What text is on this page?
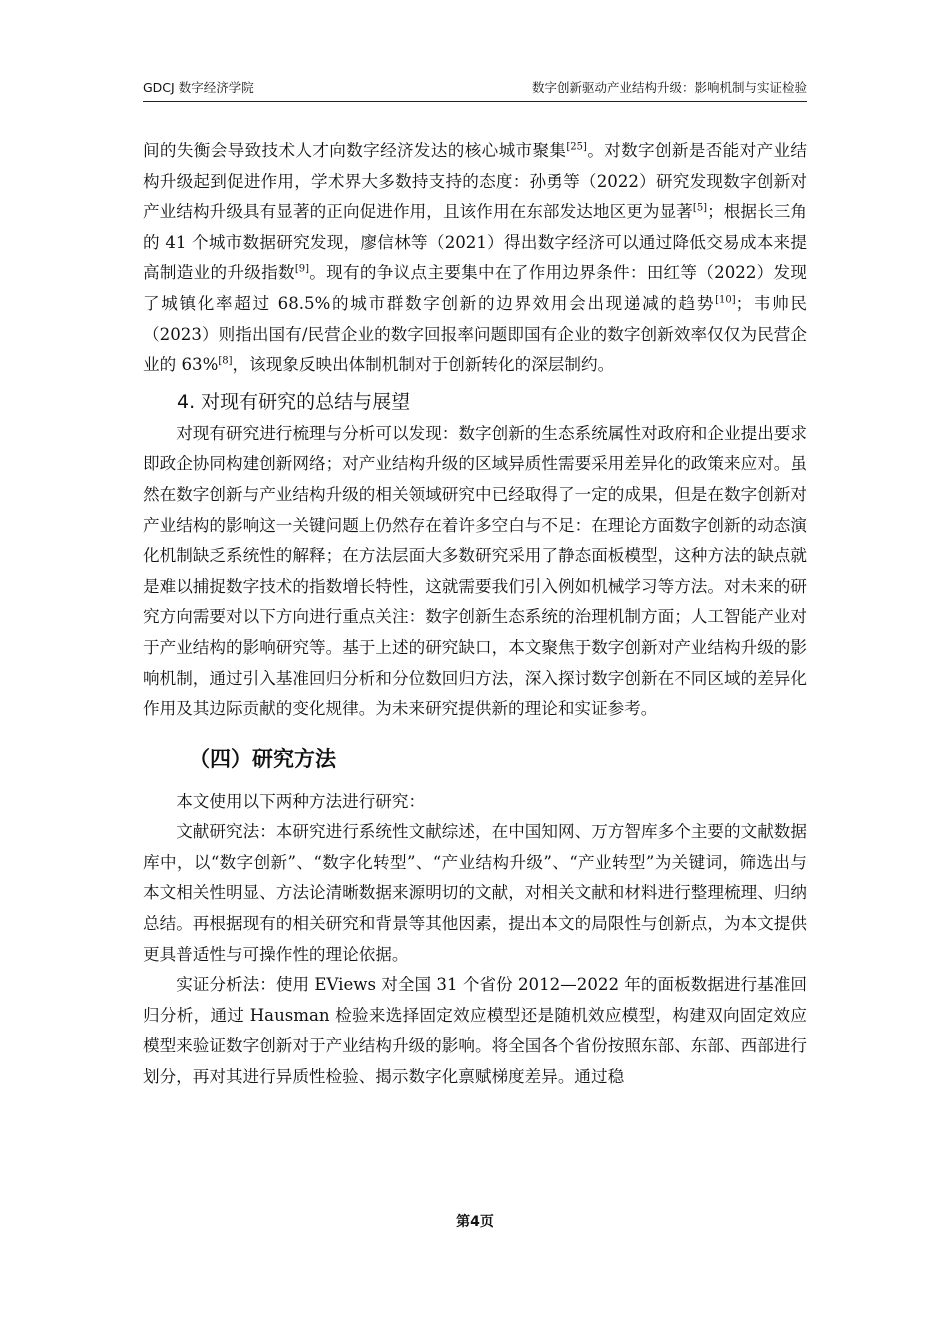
GDCJ 数字经济学院	数字创新驱动产业结构升级：影响机制与实证检验

间的失衡会导致技术人才向数字经济发达的核心城市聚集[25]。对数字创新是否能对产业结构升级起到促进作用，学术界大多数持支持的态度：孙勇等（2022）研究发现数字创新对产业结构升级具有显著的正向促进作用，且该作用在东部发达地区更为显著[5]；根据长三角的 41 个城市数据研究发现，廖信林等（2021）得出数字经济可以通过降低交易成本来提高制造业的升级指数[9]。现有的争议点主要集中在了作用边界条件：田红等（2022）发现了城镇化率超过 68.5%的城市群数字创新的边界效用会出现递减的趋势[10]；韦帅民（2023）则指出国有/民营企业的数字回报率问题即国有企业的数字创新效率仅仅为民营企业的 63%[8]，该现象反映出体制机制对于创新转化的深层制约。

4. 对现有研究的总结与展望

对现有研究进行梳理与分析可以发现：数字创新的生态系统属性对政府和企业提出要求即政企协同构建创新网络；对产业结构升级的区域异质性需要采用差异化的政策来应对。虽然在数字创新与产业结构升级的相关领域研究中已经取得了一定的成果，但是在数字创新对产业结构的影响这一关键问题上仍然存在着许多空白与不足：在理论方面数字创新的动态演化机制缺乏系统性的解释；在方法层面大多数研究采用了静态面板模型，这种方法的缺点就是难以捕捉数字技术的指数增长特性，这就需要我们引入例如机械学习等方法。对未来的研究方向需要对以下方向进行重点关注：数字创新生态系统的治理机制方面；人工智能产业对于产业结构的影响研究等。基于上述的研究缺口，本文聚焦于数字创新对产业结构升级的影响机制，通过引入基准回归分析和分位数回归方法，深入探讨数字创新在不同区域的差异化作用及其边际贡献的变化规律。为未来研究提供新的理论和实证参考。

（四）研究方法

本文使用以下两种方法进行研究：

文献研究法：本研究进行系统性文献综述，在中国知网、万方智库多个主要的文献数据库中，以“数字创新”、“数字化转型”、“产业结构升级”、“产业转型”为关键词，筛选出与本文相关性明显、方法论清晰数据来源明切的文献，对相关文献和材料进行整理梳理、归纳总结。再根据现有的相关研究和背景等其他因素，提出本文的局限性与创新点，为本文提供更具普适性与可操作性的理论依据。

实证分析法：使用 EViews 对全国 31 个省份 2012—2022 年的面板数据进行基准回归分析，通过 Hausman 检验来选择固定效应模型还是随机效应模型，构建双向固定效应模型来验证数字创新对于产业结构升级的影响。将全国各个省份按照东部、东部、西部进行划分，再对其进行异质性检验、揭示数字化禀赋梯度差异。通过稳

第4页
